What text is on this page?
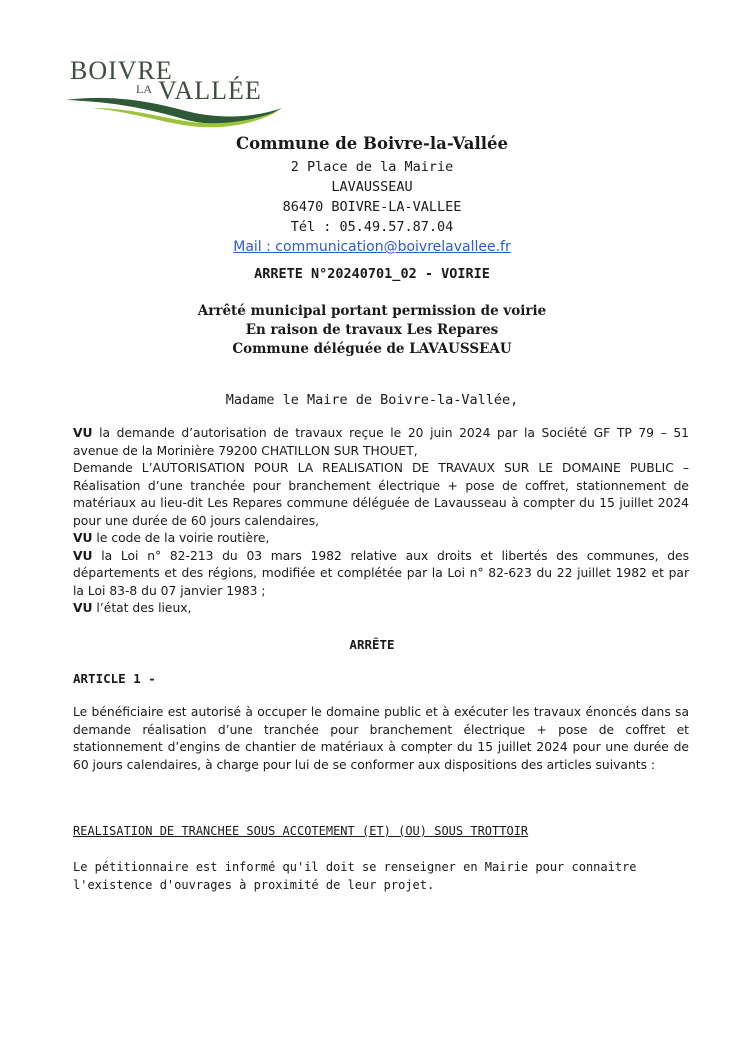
BOIVRE
LA VALLÉE
Commune de Boivre-la-Vallée
2 Place de la Mairie
LAVAUSSEAU
86470 BOIVRE-LA-VALLEE
Tél : 05.49.57.87.04
Mail : communication@boivrelavallee.fr
ARRETE N°20240701_02 - VOIRIE
Arrêté municipal portant permission de voirie
En raison de travaux Les Repares
Commune déléguée de LAVAUSSEAU
Madame le Maire de Boivre-la-Vallée,

VU la demande d’autorisation de travaux reçue le 20 juin 2024 par la Société GF TP 79 – 51 avenue de la Morinière 79200 CHATILLON SUR THOUET,

Demande L’AUTORISATION POUR LA REALISATION DE TRAVAUX SUR LE DOMAINE PUBLIC – Réalisation d’une tranchée pour branchement électrique + pose de coffret, stationnement de matériaux au lieu-dit Les Repares commune déléguée de Lavausseau à compter du 15 juillet 2024 pour une durée de 60 jours calendaires,

VU le code de la voirie routière,

VU la Loi n° 82-213 du 03 mars 1982 relative aux droits et libertés des communes, des départements et des régions, modifiée et complétée par la Loi n° 82-623 du 22 juillet 1982 et par la Loi 83-8 du 07 janvier 1983 ;

VU l’état des lieux,

ARRÊTE
ARTICLE 1 -

Le bénéficiaire est autorisé à occuper le domaine public et à exécuter les travaux énoncés dans sa demande réalisation d’une tranchée pour branchement électrique + pose de coffret et stationnement d’engins de chantier de matériaux à compter du 15 juillet 2024 pour une durée de 60 jours calendaires, à charge pour lui de se conformer aux dispositions des articles suivants :

REALISATION DE TRANCHEE SOUS ACCOTEMENT (ET) (OU) SOUS TROTTOIR

Le pétitionnaire est informé qu'il doit se renseigner en Mairie pour connaitre l'existence d'ouvrages à proximité de leur projet.
